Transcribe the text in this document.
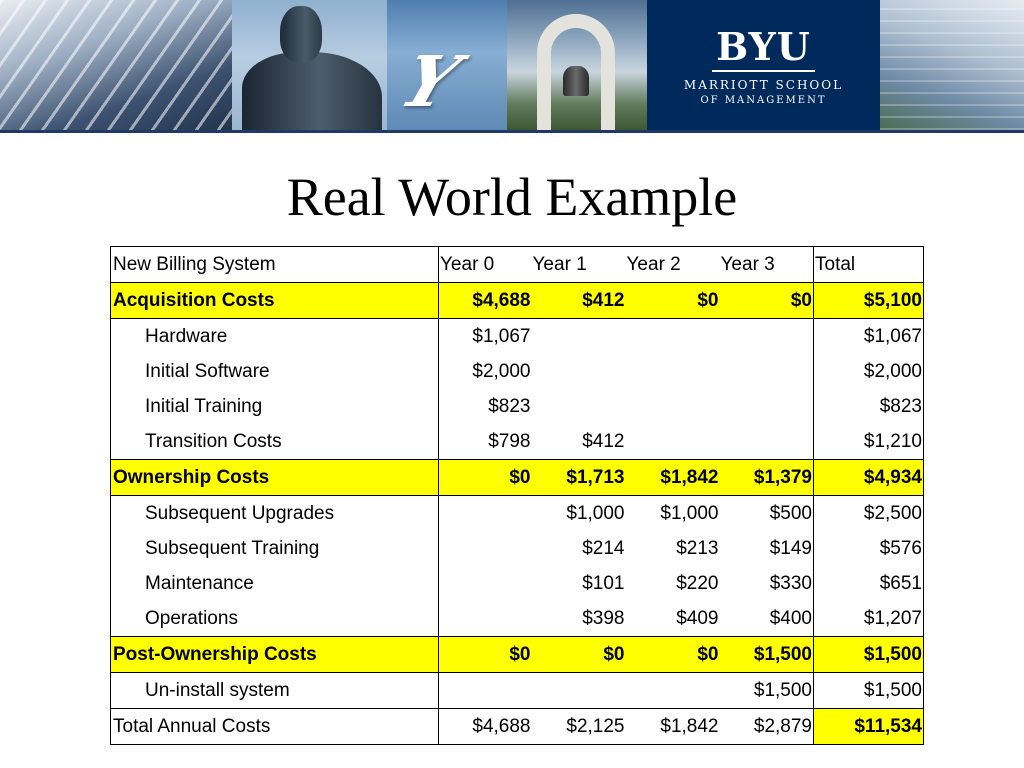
Y	BYU
MARRIOTT SCHOOL
OF MANAGEMENT
Real World Example
New Billing System	Year 0	Year 1	Year 2	Year 3	Total
Acquisition Costs	$4,688	$412	$0	$0	$5,100
Hardware	$1,067				$1,067
Initial Software	$2,000				$2,000
Initial Training	$823				$823
Transition Costs	$798	$412			$1,210
Ownership Costs	$0	$1,713	$1,842	$1,379	$4,934
Subsequent Upgrades		$1,000	$1,000	$500	$2,500
Subsequent Training		$214	$213	$149	$576
Maintenance		$101	$220	$330	$651
Operations		$398	$409	$400	$1,207
Post-Ownership Costs	$0	$0	$0	$1,500	$1,500
Un-install system				$1,500	$1,500
Total Annual Costs	$4,688	$2,125	$1,842	$2,879	$11,534
